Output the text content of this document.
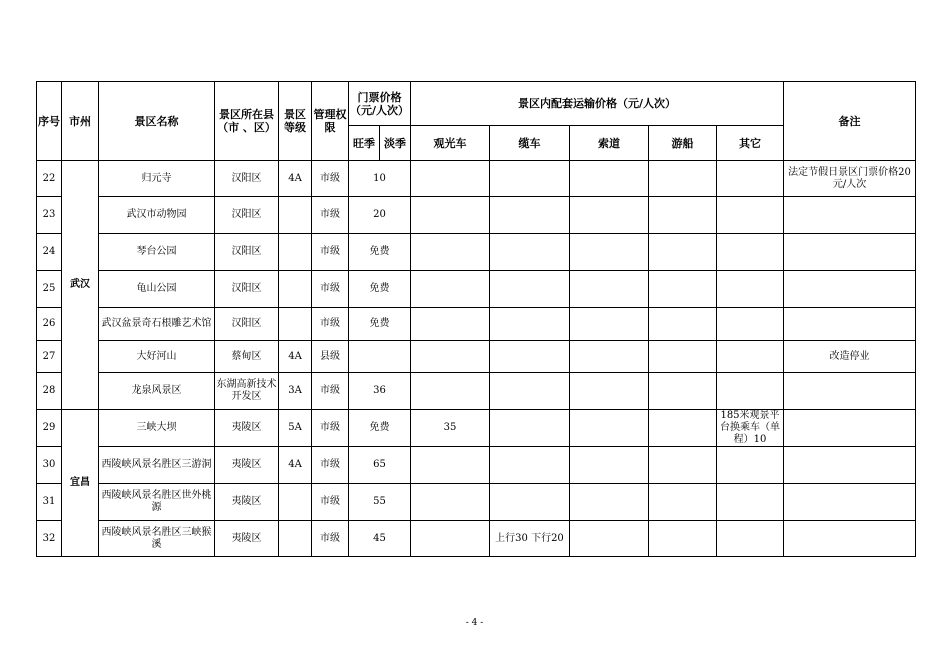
序号	市州	景区名称	景区所在县（市 、区）	景区等级	管理权限	门票价格（元/人次）		景区内配套运输价格（元/人次）					备注
						旺季	淡季	观光车	缆车	索道	游船	其它	
22	武汉	归元寺	汉阳区	4A	市级	10							法定节假日景区门票价格20元/人次
23		武汉市动物园	汉阳区		市级	20							
24		琴台公园	汉阳区		市级	免费							
25		龟山公园	汉阳区		市级	免费							
26		武汉盆景奇石根雕艺术馆	汉阳区		市级	免费							
27		大好河山	蔡甸区	4A	县级								改造停业
28		龙泉风景区	东湖高新技术开发区	3A	市级	36							
29	宜昌	三峡大坝	夷陵区	5A	市级	免费		35				185米观景平台换乘车（单程）10	
30		西陵峡风景名胜区三游洞	夷陵区	4A	市级	65							
31		西陵峡风景名胜区世外桃源	夷陵区		市级	55							
32		西陵峡风景名胜区三峡猴溪	夷陵区		市级	45			上行30 下行20				
- 4 -
